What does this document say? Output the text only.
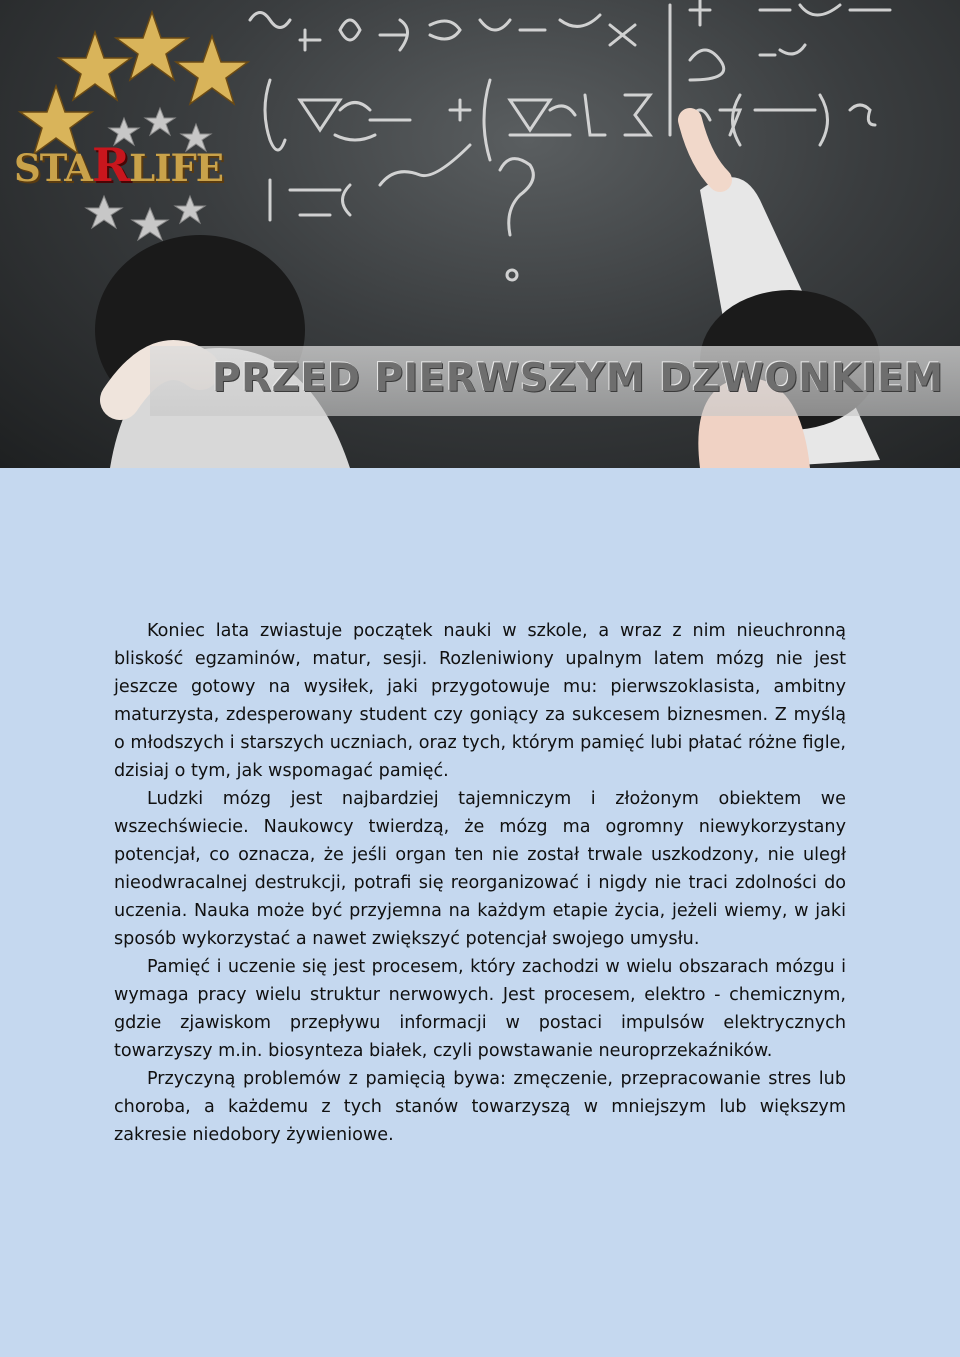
STARLIFE
PRZED PIERWSZYM DZWONKIEM

Koniec lata zwiastuje początek nauki w szkole, a wraz z nim nieuchronną bliskość egzaminów, matur, sesji. Rozleniwiony upalnym latem mózg nie jest jeszcze gotowy na wysiłek, jaki przygotowuje mu: pierwszoklasista, ambitny maturzysta, zdesperowany student czy goniący za sukcesem biznesmen. Z myślą o młodszych i starszych uczniach, oraz tych, którym pamięć lubi płatać różne figle, dzisiaj o tym, jak wspomagać pamięć.

Ludzki mózg jest najbardziej tajemniczym i złożonym obiektem we wszechświecie. Naukowcy twierdzą, że mózg ma ogromny niewykorzystany potencjał, co oznacza, że jeśli organ ten nie został trwale uszkodzony, nie uległ nieodwracalnej destrukcji, potrafi się reorganizować i nigdy nie traci zdolności do uczenia. Nauka może być przyjemna na każdym etapie życia, jeżeli wiemy, w jaki sposób wykorzystać a nawet zwiększyć potencjał swojego umysłu.

Pamięć i uczenie się jest procesem, który zachodzi w wielu obszarach mózgu i wymaga pracy wielu struktur nerwowych. Jest procesem, elektro - chemicznym, gdzie zjawiskom przepływu informacji w postaci impulsów elektrycznych towarzyszy m.in. biosynteza białek, czyli powstawanie neuroprzekaźników.

Przyczyną problemów z pamięcią bywa: zmęczenie, przepracowanie stres lub choroba, a każdemu z tych stanów towarzyszą w mniejszym lub większym zakresie niedobory żywieniowe.
